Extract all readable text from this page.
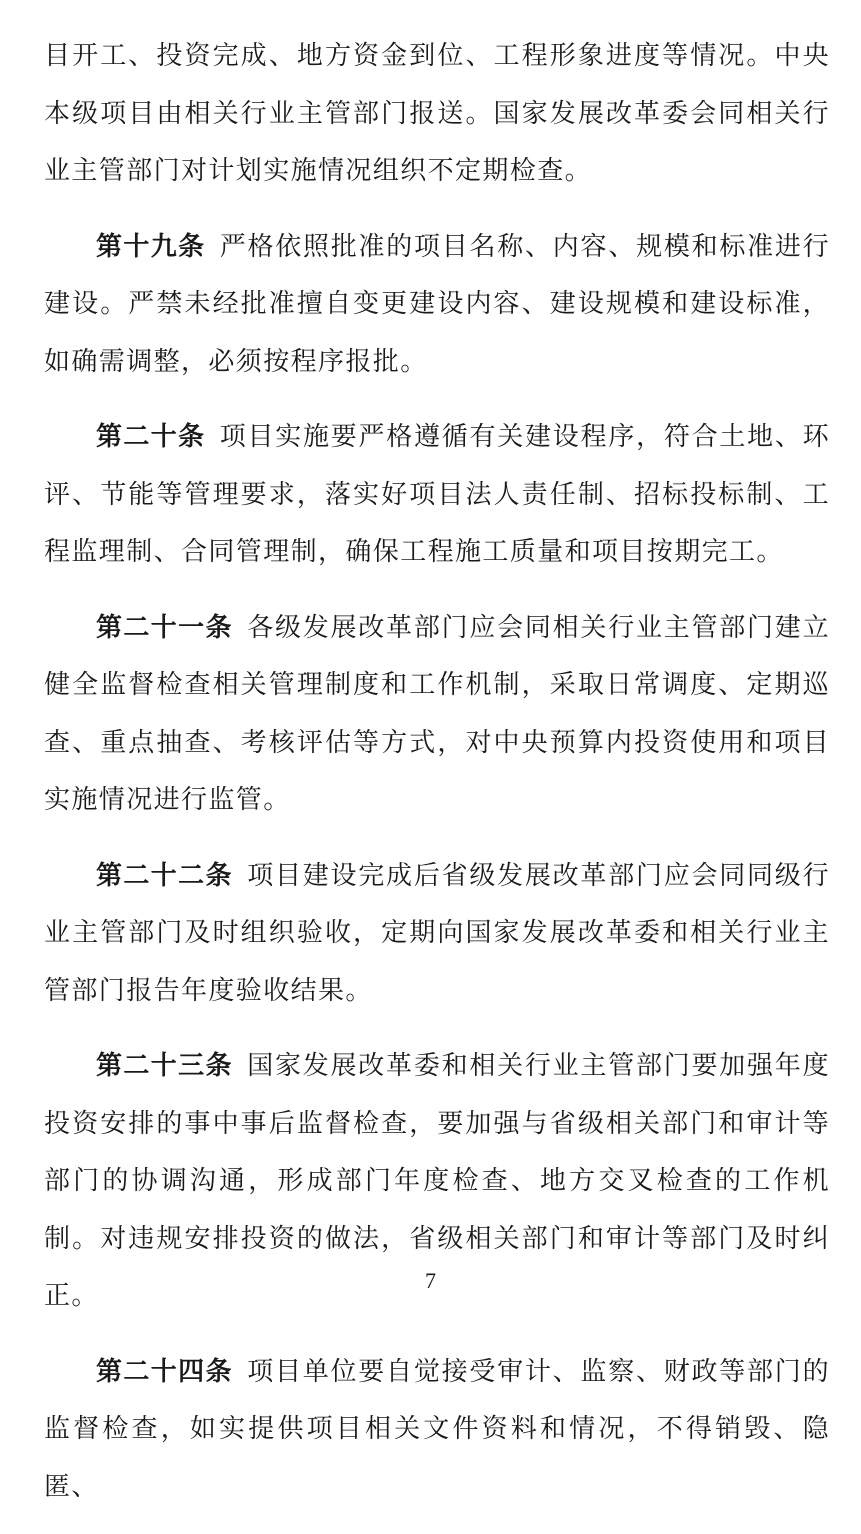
目开工、投资完成、地方资金到位、工程形象进度等情况。中央本级项目由相关行业主管部门报送。国家发展改革委会同相关行业主管部门对计划实施情况组织不定期检查。

第十九条 严格依照批准的项目名称、内容、规模和标准进行建设。严禁未经批准擅自变更建设内容、建设规模和建设标准，如确需调整，必须按程序报批。

第二十条 项目实施要严格遵循有关建设程序，符合土地、环评、节能等管理要求，落实好项目法人责任制、招标投标制、工程监理制、合同管理制，确保工程施工质量和项目按期完工。

第二十一条 各级发展改革部门应会同相关行业主管部门建立健全监督检查相关管理制度和工作机制，采取日常调度、定期巡查、重点抽查、考核评估等方式，对中央预算内投资使用和项目实施情况进行监管。

第二十二条 项目建设完成后省级发展改革部门应会同同级行业主管部门及时组织验收，定期向国家发展改革委和相关行业主管部门报告年度验收结果。

第二十三条 国家发展改革委和相关行业主管部门要加强年度投资安排的事中事后监督检查，要加强与省级相关部门和审计等部门的协调沟通，形成部门年度检查、地方交叉检查的工作机制。对违规安排投资的做法，省级相关部门和审计等部门及时纠正。

第二十四条 项目单位要自觉接受审计、监察、财政等部门的监督检查，如实提供项目相关文件资料和情况，不得销毁、隐匿、

7
